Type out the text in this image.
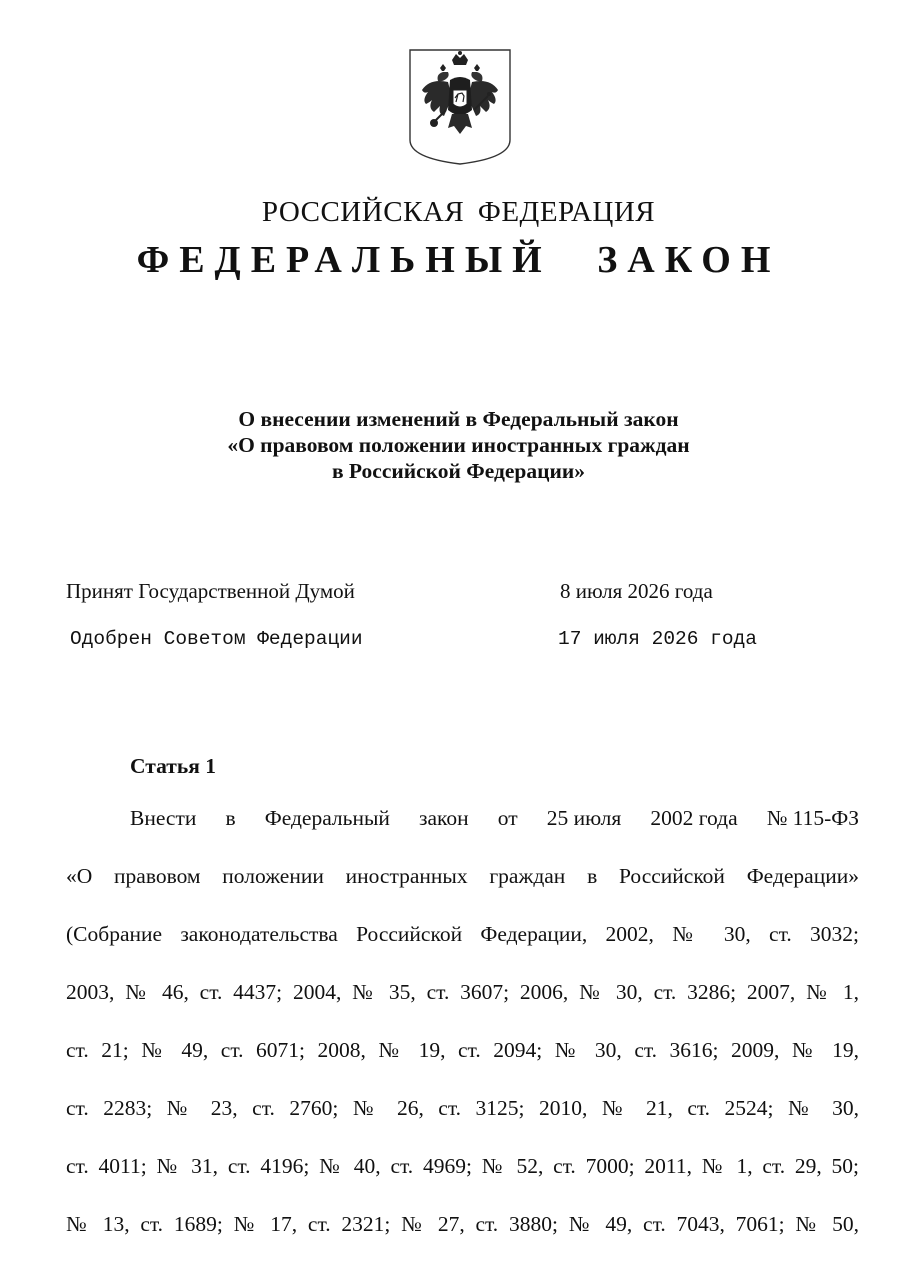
РОССИЙСКАЯ ФЕДЕРАЦИЯ
ФЕДЕРАЛЬНЫЙ ЗАКОН
О внесении изменений в Федеральный закон
«О правовом положении иностранных граждан
в Российской Федерации»
Принят Государственной Думой	8 июля 2026 года
Одобрен Советом Федерации	17 июля 2026 года
Статья 1
Внести в Федеральный закон от 25 июля 2002 года № 115-ФЗ
«О правовом положении иностранных граждан в Российской Федерации»
(Собрание законодательства Российской Федерации, 2002, № 30, ст. 3032;
2003, № 46, ст. 4437; 2004, № 35, ст. 3607; 2006, № 30, ст. 3286; 2007, № 1,
ст. 21; № 49, ст. 6071; 2008, № 19, ст. 2094; № 30, ст. 3616; 2009, № 19,
ст. 2283; № 23, ст. 2760; № 26, ст. 3125; 2010, № 21, ст. 2524; № 30,
ст. 4011; № 31, ст. 4196; № 40, ст. 4969; № 52, ст. 7000; 2011, № 1, ст. 29, 50;
№ 13, ст. 1689; № 17, ст. 2321; № 27, ст. 3880; № 49, ст. 7043, 7061; № 50,
